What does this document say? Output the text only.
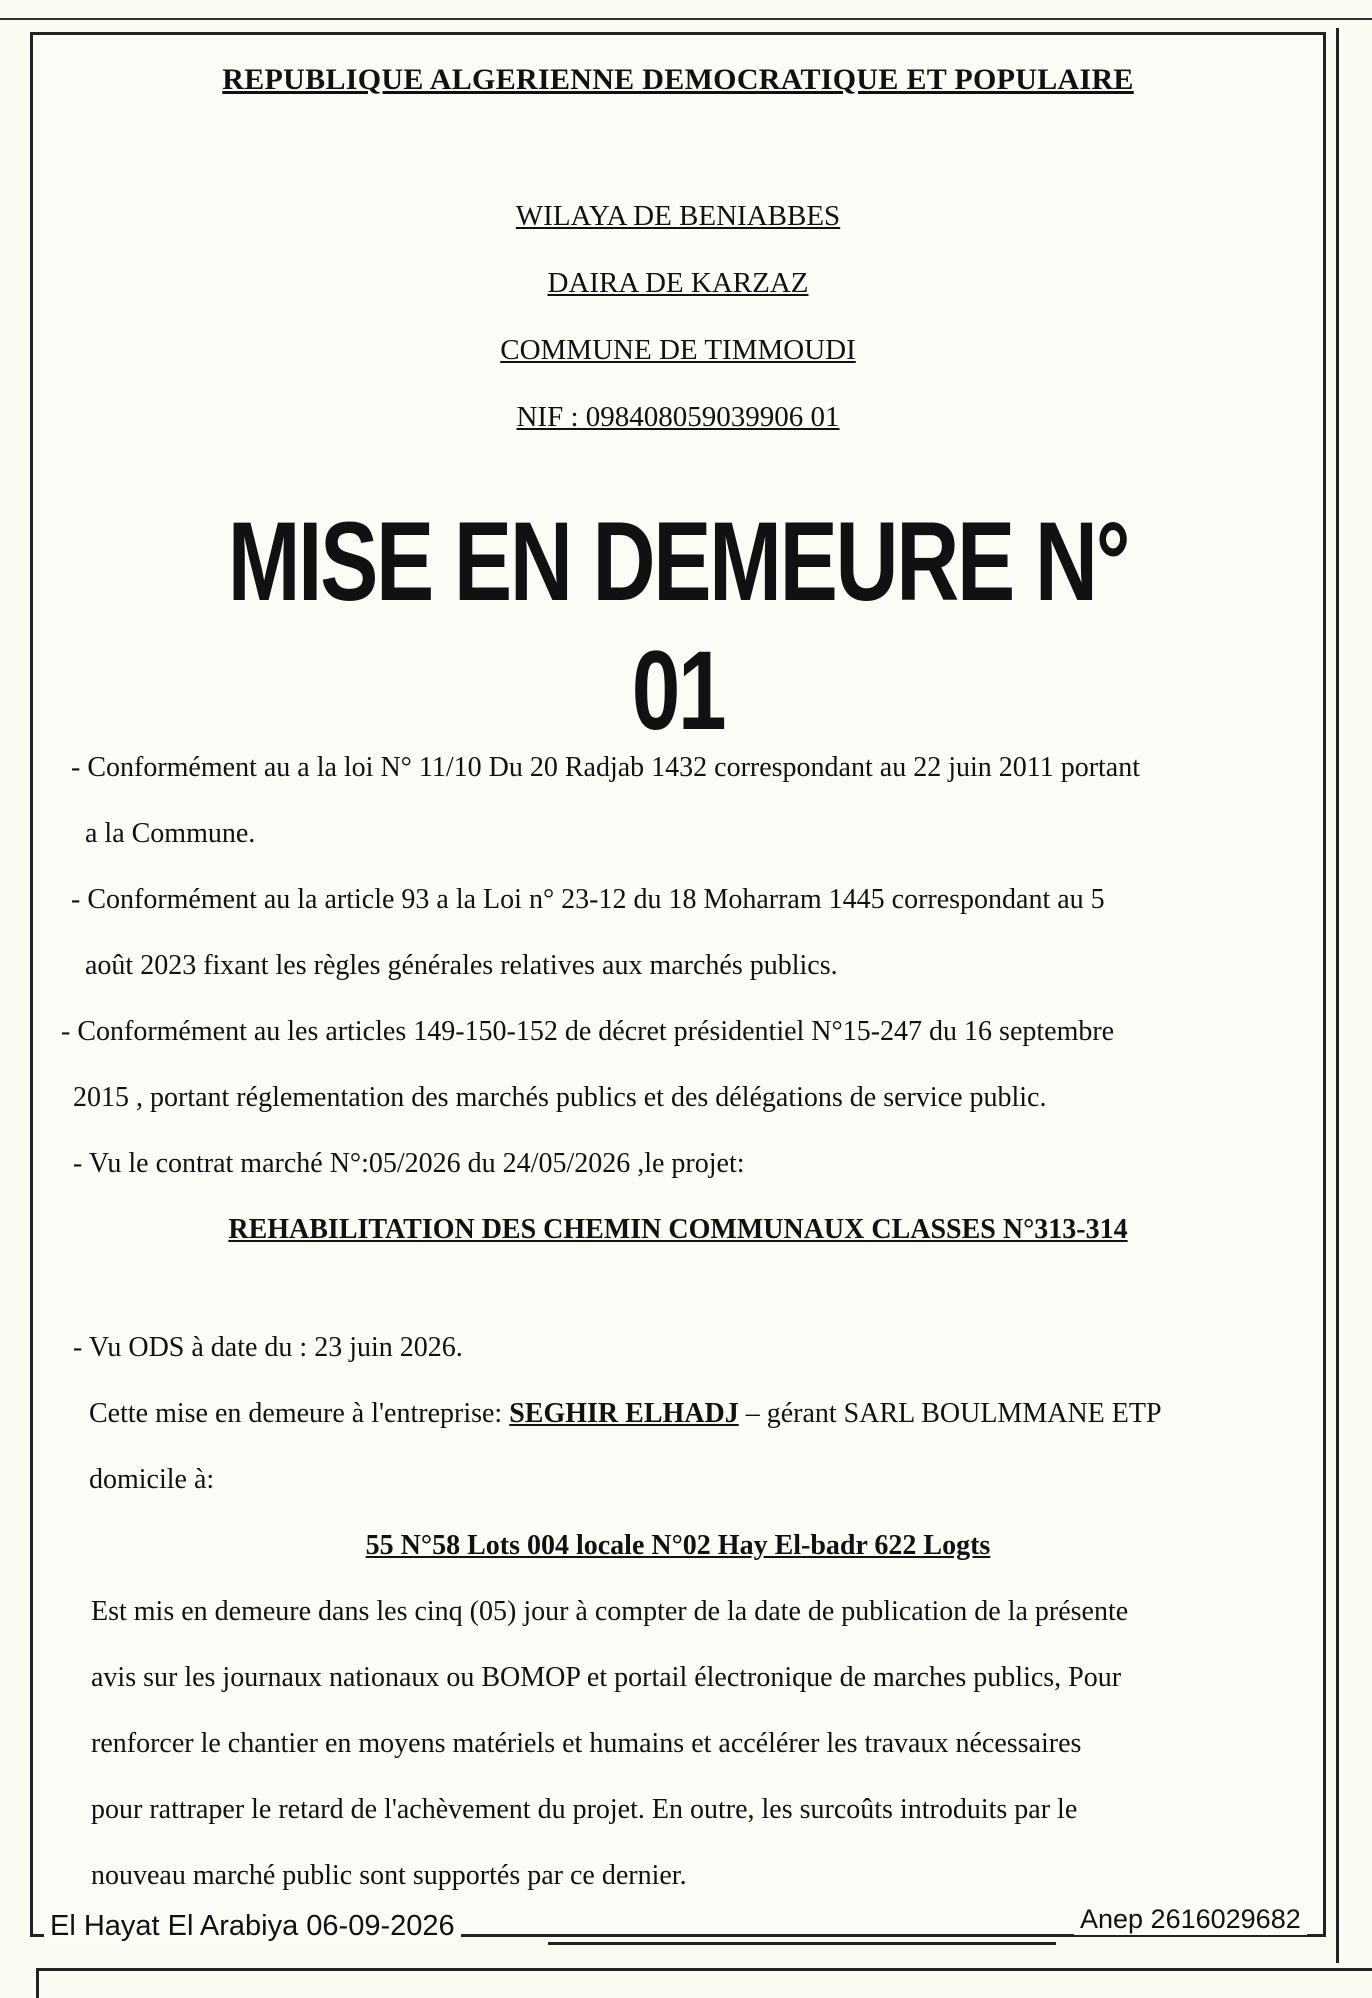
REPUBLIQUE ALGERIENNE DEMOCRATIQUE ET POPULAIRE
WILAYA DE BENIABBES
DAIRA DE KARZAZ
COMMUNE DE TIMMOUDI
NIF : 098408059039906 01
MISE EN DEMEURE N° 01
- Conformément au a la loi N° 11/10 Du 20 Radjab 1432 correspondant au 22 juin 2011 portant
a la Commune.
- Conformément au la article 93 a la Loi n° 23-12 du 18 Moharram 1445 correspondant au 5
août 2023 fixant les règles générales relatives aux marchés publics.
- Conformément au les articles 149-150-152 de décret présidentiel N°15-247 du 16 septembre
2015 , portant réglementation des marchés publics et des délégations de service public.
- Vu le contrat marché N°:05/2026 du 24/05/2026 ,le projet:
REHABILITATION DES CHEMIN COMMUNAUX CLASSES N°313-314
- Vu ODS à date du : 23 juin 2026.
Cette mise en demeure à l'entreprise: SEGHIR ELHADJ – gérant SARL BOULMMANE ETP
domicile à:
55 N°58 Lots 004 locale N°02 Hay El-badr 622 Logts
Est mis en demeure dans les cinq (05) jour à compter de la date de publication de la présente
avis sur les journaux nationaux ou BOMOP et portail électronique de marches publics, Pour
renforcer le chantier en moyens matériels et humains et accélérer les travaux nécessaires
pour rattraper le retard de l'achèvement du projet. En outre, les surcoûts introduits par le
nouveau marché public sont supportés par ce dernier.
El Hayat El Arabiya 06-09-2026	Anep 2616029682
